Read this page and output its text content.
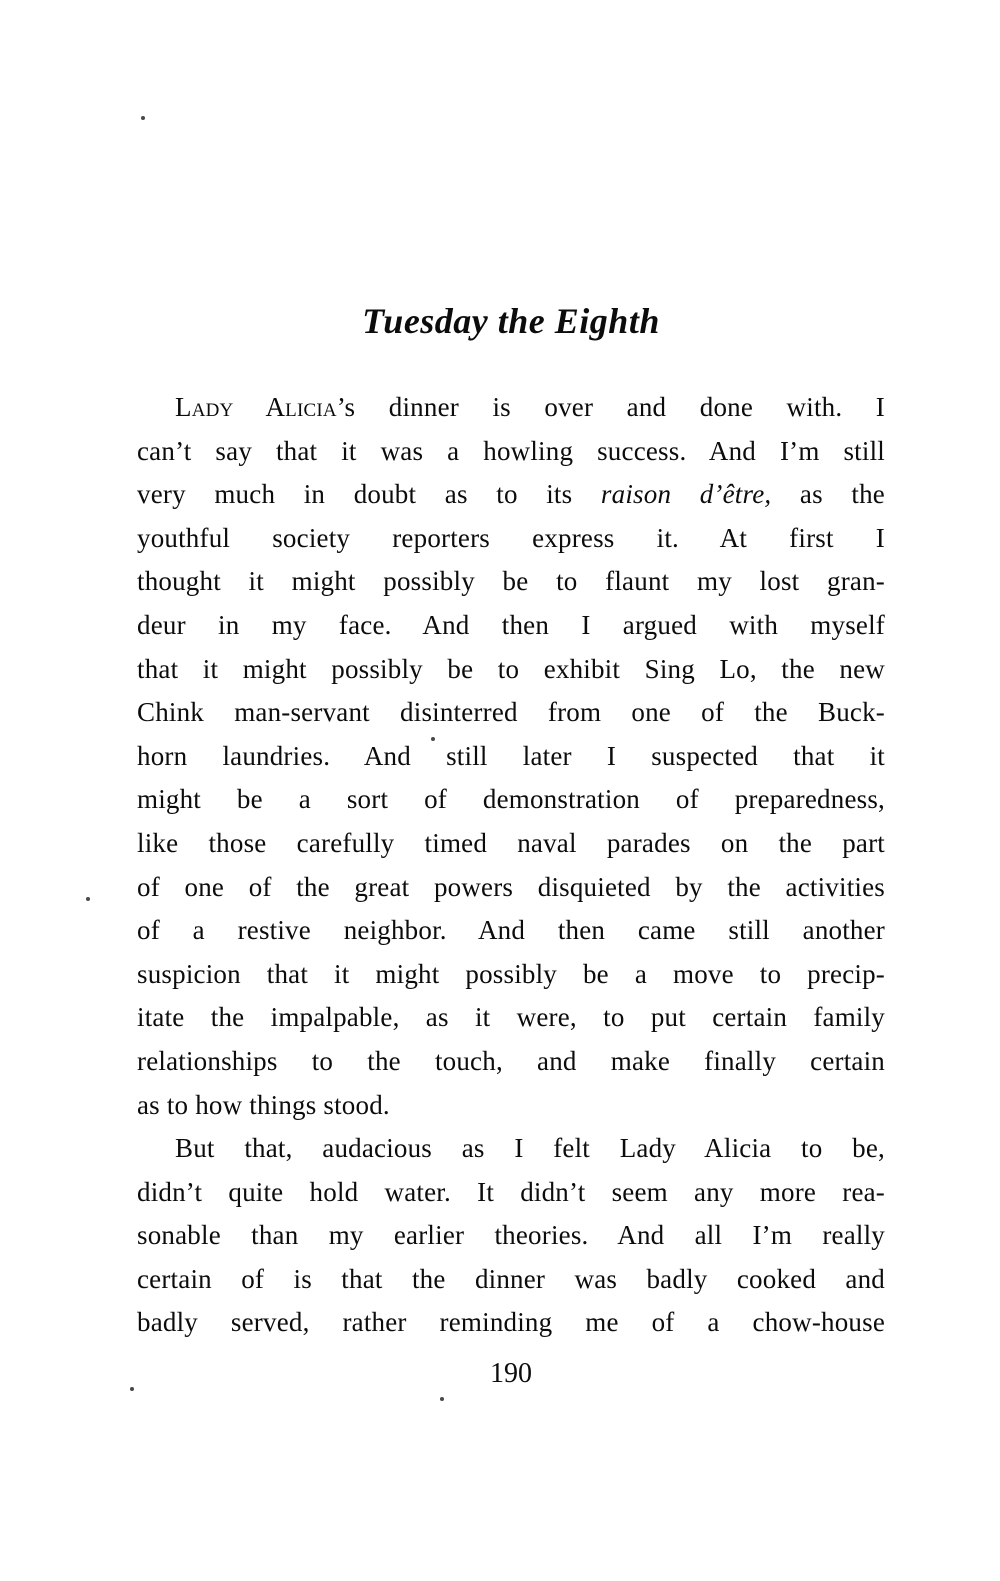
Tuesday the Eighth
Lady Alicia’s dinner is over and done with. I
can’t say that it was a howling success. And I’m still
very much in doubt as to its raison d’être, as the
youthful society reporters express it. At first I
thought it might possibly be to flaunt my lost gran-
deur in my face. And then I argued with myself
that it might possibly be to exhibit Sing Lo, the new
Chink man-servant disinterred from one of the Buck-
horn laundries. And still later I suspected that it
might be a sort of demonstration of preparedness,
like those carefully timed naval parades on the part
of one of the great powers disquieted by the activities
of a restive neighbor. And then came still another
suspicion that it might possibly be a move to precip-
itate the impalpable, as it were, to put certain family
relationships to the touch, and make finally certain
as to how things stood.
But that, audacious as I felt Lady Alicia to be,
didn’t quite hold water. It didn’t seem any more rea-
sonable than my earlier theories. And all I’m really
certain of is that the dinner was badly cooked and
badly served, rather reminding me of a chow-house
190
